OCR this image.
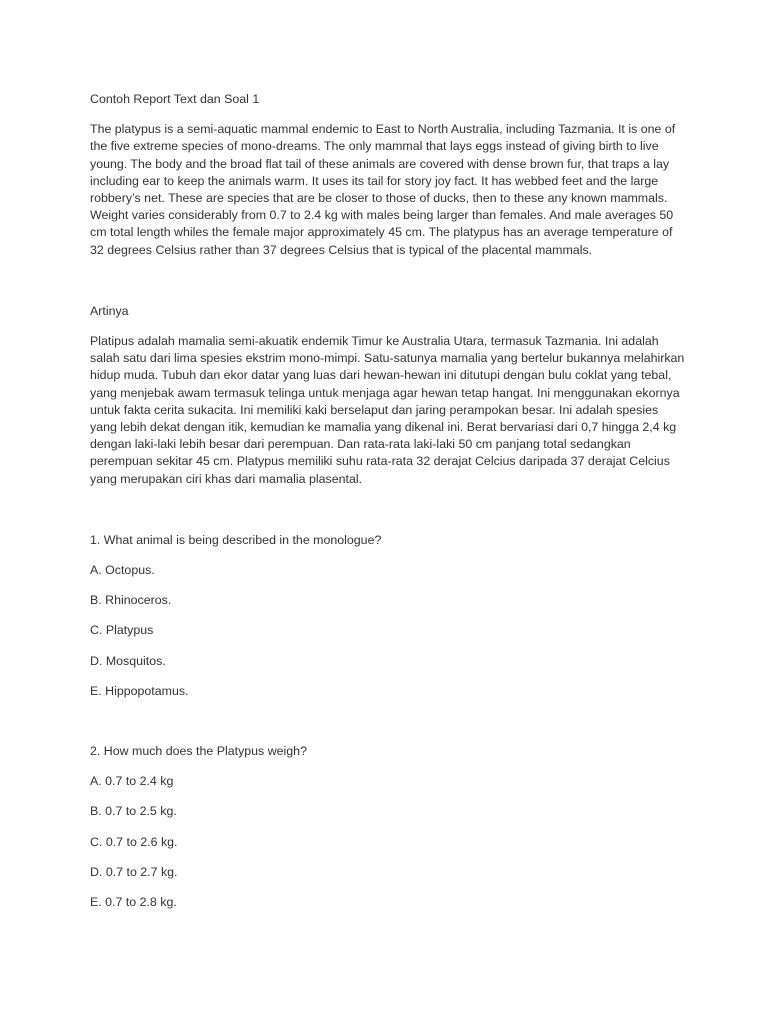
Contoh Report Text dan Soal 1

The platypus is a semi-aquatic mammal endemic to East to North Australia, including Tazmania. It is one of the five extreme species of mono-dreams. The only mammal that lays eggs instead of giving birth to live young. The body and the broad flat tail of these animals are covered with dense brown fur, that traps a lay including ear to keep the animals warm. It uses its tail for story joy fact. It has webbed feet and the large robbery’s net. These are species that are be closer to those of ducks, then to these any known mammals. Weight varies considerably from 0.7 to 2.4 kg with males being larger than females. And male averages 50 cm total length whiles the female major approximately 45 cm. The platypus has an average temperature of 32 degrees Celsius rather than 37 degrees Celsius that is typical of the placental mammals.

Artinya

Platipus adalah mamalia semi-akuatik endemik Timur ke Australia Utara, termasuk Tazmania. Ini adalah salah satu dari lima spesies ekstrim mono-mimpi. Satu-satunya mamalia yang bertelur bukannya melahirkan hidup muda. Tubuh dan ekor datar yang luas dari hewan-hewan ini ditutupi dengan bulu coklat yang tebal, yang menjebak awam termasuk telinga untuk menjaga agar hewan tetap hangat. Ini menggunakan ekornya untuk fakta cerita sukacita. Ini memiliki kaki berselaput dan jaring perampokan besar. Ini adalah spesies yang lebih dekat dengan itik, kemudian ke mamalia yang dikenal ini. Berat bervariasi dari 0,7 hingga 2,4 kg dengan laki-laki lebih besar dari perempuan. Dan rata-rata laki-laki 50 cm panjang total sedangkan perempuan sekitar 45 cm. Platypus memiliki suhu rata-rata 32 derajat Celcius daripada 37 derajat Celcius yang merupakan ciri khas dari mamalia plasental.

1. What animal is being described in the monologue?

A. Octopus.
B. Rhinoceros.
C. Platypus
D. Mosquitos.
E. Hippopotamus.

2. How much does the Platypus weigh?

A. 0.7 to 2.4 kg
B. 0.7 to 2.5 kg.
C. 0.7 to 2.6 kg.
D. 0.7 to 2.7 kg.
E. 0.7 to 2.8 kg.
